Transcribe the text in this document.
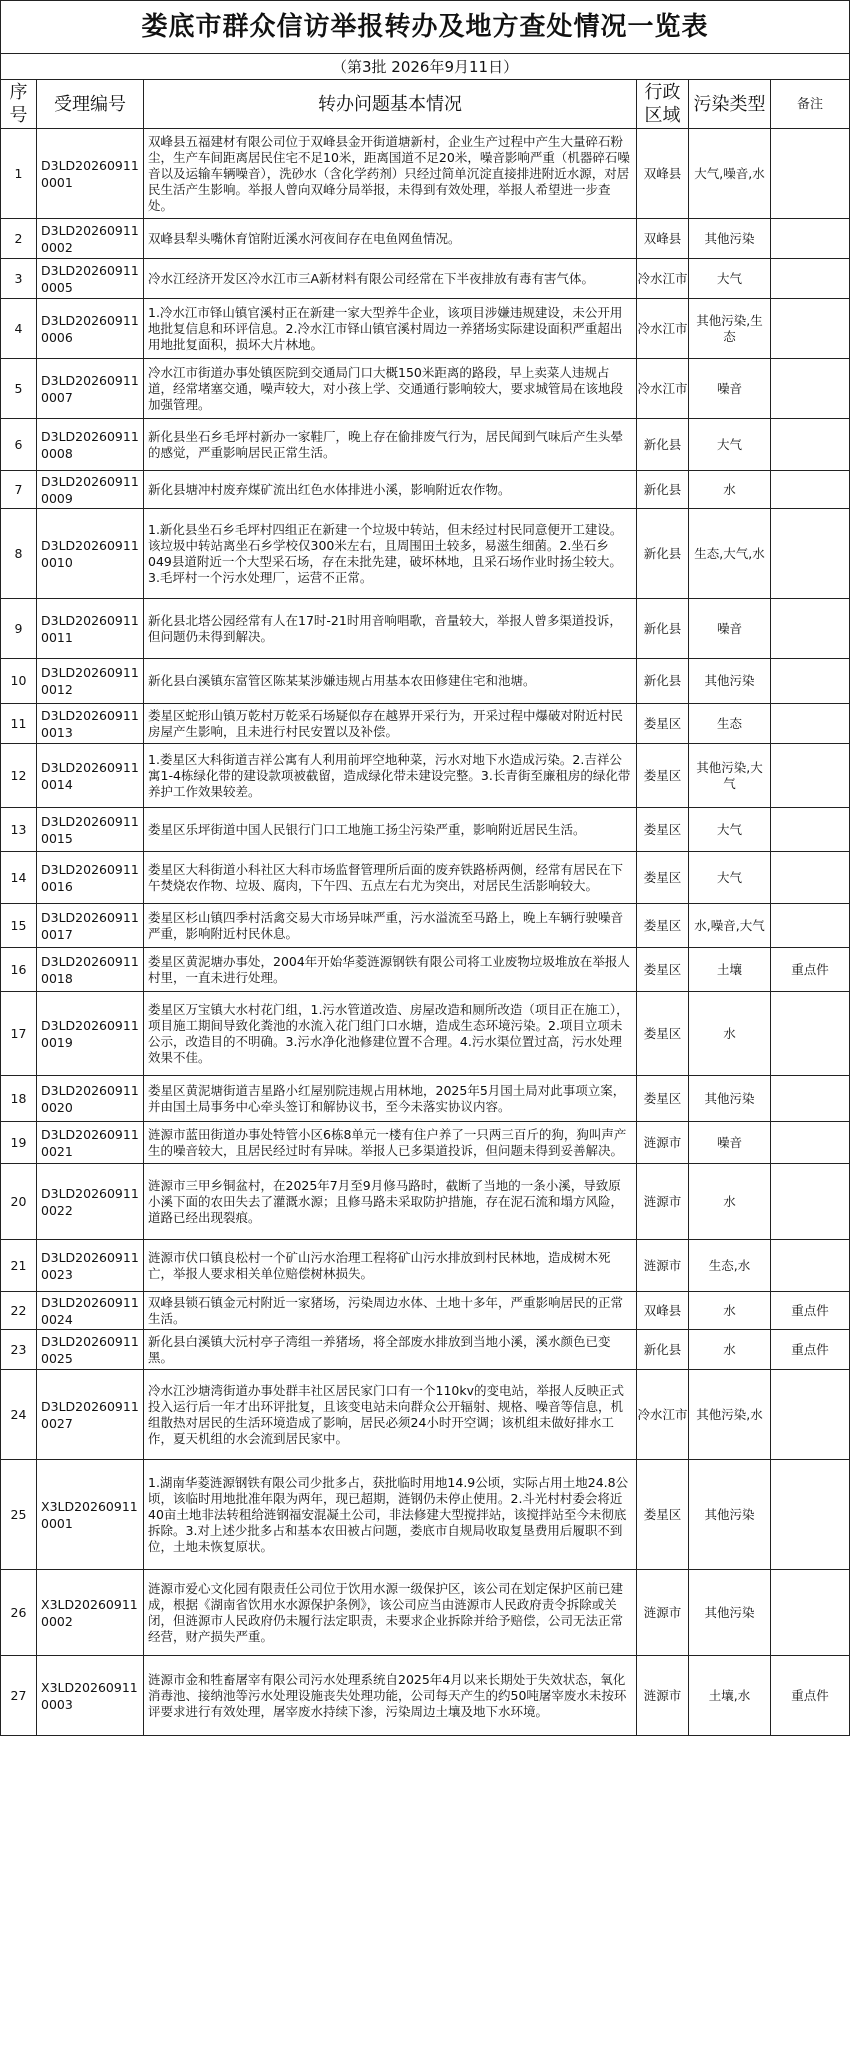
娄底市群众信访举报转办及地方查处情况一览表					
（第3批 2026年9月11日）					
序号	受理编号	转办问题基本情况	行政区域	污染类型	备注
1	D3LD202609110001	双峰县五福建材有限公司位于双峰县金开街道塘新村，企业生产过程中产生大量碎石粉尘，生产车间距离居民住宅不足10米，距离国道不足20米，噪音影响严重（机器碎石噪音以及运输车辆噪音），洗砂水（含化学药剂）只经过简单沉淀直接排进附近水源，对居民生活产生影响。举报人曾向双峰分局举报，未得到有效处理，举报人希望进一步查处。	双峰县	大气,噪音,水	
2	D3LD202609110002	双峰县犁头嘴休育馆附近溪水河夜间存在电鱼网鱼情况。	双峰县	其他污染	
3	D3LD202609110005	冷水江经济开发区冷水江市三A新材料有限公司经常在下半夜排放有毒有害气体。	冷水江市	大气	
4	D3LD202609110006	1.冷水江市铎山镇官溪村正在新建一家大型养牛企业，该项目涉嫌违规建设，未公开用地批复信息和环评信息。2.冷水江市铎山镇官溪村周边一养猪场实际建设面积严重超出用地批复面积，损坏大片林地。	冷水江市	其他污染,生态	
5	D3LD202609110007	冷水江市街道办事处镇医院到交通局门口大概150米距离的路段，早上卖菜人违规占道，经常堵塞交通，噪声较大，对小孩上学、交通通行影响较大，要求城管局在该地段加强管理。	冷水江市	噪音	
6	D3LD202609110008	新化县坐石乡毛坪村新办一家鞋厂，晚上存在偷排废气行为，居民闻到气味后产生头晕的感觉，严重影响居民正常生活。	新化县	大气	
7	D3LD202609110009	新化县塘冲村废弃煤矿流出红色水体排进小溪，影响附近农作物。	新化县	水	
8	D3LD202609110010	1.新化县坐石乡毛坪村四组正在新建一个垃圾中转站，但未经过村民同意便开工建设。该垃圾中转站离坐石乡学校仅300米左右，且周围田土较多，易滋生细菌。2.坐石乡049县道附近一个大型采石场，存在未批先建，破坏林地，且采石场作业时扬尘较大。3.毛坪村一个污水处理厂，运营不正常。	新化县	生态,大气,水	
9	D3LD202609110011	新化县北塔公园经常有人在17时-21时用音响唱歌，音量较大，举报人曾多渠道投诉，但问题仍未得到解决。	新化县	噪音	
10	D3LD202609110012	新化县白溪镇东富管区陈某某涉嫌违规占用基本农田修建住宅和池塘。	新化县	其他污染	
11	D3LD202609110013	娄星区蛇形山镇万乾村万乾采石场疑似存在越界开采行为，开采过程中爆破对附近村民房屋产生影响，且未进行村民安置以及补偿。	娄星区	生态	
12	D3LD202609110014	1.娄星区大科街道吉祥公寓有人利用前坪空地种菜，污水对地下水造成污染。2.吉祥公寓1-4栋绿化带的建设款项被截留，造成绿化带未建设完整。3.长青街至廉租房的绿化带养护工作效果较差。	娄星区	其他污染,大气	
13	D3LD202609110015	娄星区乐坪街道中国人民银行门口工地施工扬尘污染严重，影响附近居民生活。	娄星区	大气	
14	D3LD202609110016	娄星区大科街道小科社区大科市场监督管理所后面的废弃铁路桥两侧，经常有居民在下午焚烧农作物、垃圾、腐肉，下午四、五点左右尤为突出，对居民生活影响较大。	娄星区	大气	
15	D3LD202609110017	娄星区杉山镇四季村活禽交易大市场异味严重，污水溢流至马路上，晚上车辆行驶噪音严重，影响附近村民休息。	娄星区	水,噪音,大气	
16	D3LD202609110018	娄星区黄泥塘办事处，2004年开始华菱涟源钢铁有限公司将工业废物垃圾堆放在举报人村里，一直未进行处理。	娄星区	土壤	重点件
17	D3LD202609110019	娄星区万宝镇大水村花门组，1.污水管道改造、房屋改造和厕所改造（项目正在施工），项目施工期间导致化粪池的水流入花门组门口水塘，造成生态环境污染。2.项目立项未公示，改造目的不明确。3.污水净化池修建位置不合理。4.污水渠位置过高，污水处理效果不佳。	娄星区	水	
18	D3LD202609110020	娄星区黄泥塘街道吉星路小红屋别院违规占用林地，2025年5月国土局对此事项立案，并由国土局事务中心牵头签订和解协议书，至今未落实协议内容。	娄星区	其他污染	
19	D3LD202609110021	涟源市蓝田街道办事处特管小区6栋8单元一楼有住户养了一只两三百斤的狗，狗叫声产生的噪音较大，且居民经过时有异味。举报人已多渠道投诉，但问题未得到妥善解决。	涟源市	噪音	
20	D3LD202609110022	涟源市三甲乡铜盆村，在2025年7月至9月修马路时，截断了当地的一条小溪，导致原小溪下面的农田失去了灌溉水源；且修马路未采取防护措施，存在泥石流和塌方风险，道路已经出现裂痕。	涟源市	水	
21	D3LD202609110023	涟源市伏口镇良松村一个矿山污水治理工程将矿山污水排放到村民林地，造成树木死亡，举报人要求相关单位赔偿树林损失。	涟源市	生态,水	
22	D3LD202609110024	双峰县锁石镇金元村附近一家猪场，污染周边水体、土地十多年，严重影响居民的正常生活。	双峰县	水	重点件
23	D3LD202609110025	新化县白溪镇大沅村亭子湾组一养猪场，将全部废水排放到当地小溪，溪水颜色已变黑。	新化县	水	重点件
24	D3LD202609110027	冷水江沙塘湾街道办事处群丰社区居民家门口有一个110kv的变电站，举报人反映正式投入运行后一年才出环评批复，且该变电站未向群众公开辐射、规格、噪音等信息，机组散热对居民的生活环境造成了影响，居民必须24小时开空调；该机组未做好排水工作，夏天机组的水会流到居民家中。	冷水江市	其他污染,水	
25	X3LD202609110001	1.湖南华菱涟源钢铁有限公司少批多占，获批临时用地14.9公顷，实际占用土地24.8公顷，该临时用地批准年限为两年，现已超期，涟钢仍未停止使用。2.斗光村村委会将近40亩土地非法转租给涟钢福安混凝土公司，非法修建大型搅拌站，该搅拌站至今未彻底拆除。3.对上述少批多占和基本农田被占问题，娄底市自规局收取复垦费用后履职不到位，土地未恢复原状。	娄星区	其他污染	
26	X3LD202609110002	涟源市爱心文化园有限责任公司位于饮用水源一级保护区，该公司在划定保护区前已建成，根据《湖南省饮用水水源保护条例》，该公司应当由涟源市人民政府责令拆除或关闭，但涟源市人民政府仍未履行法定职责，未要求企业拆除并给予赔偿，公司无法正常经营，财产损失严重。	涟源市	其他污染	
27	X3LD202609110003	涟源市金和牲畜屠宰有限公司污水处理系统自2025年4月以来长期处于失效状态，氧化消毒池、接纳池等污水处理设施丧失处理功能，公司每天产生的约50吨屠宰废水未按环评要求进行有效处理，屠宰废水持续下渗，污染周边土壤及地下水环境。	涟源市	土壤,水	重点件
